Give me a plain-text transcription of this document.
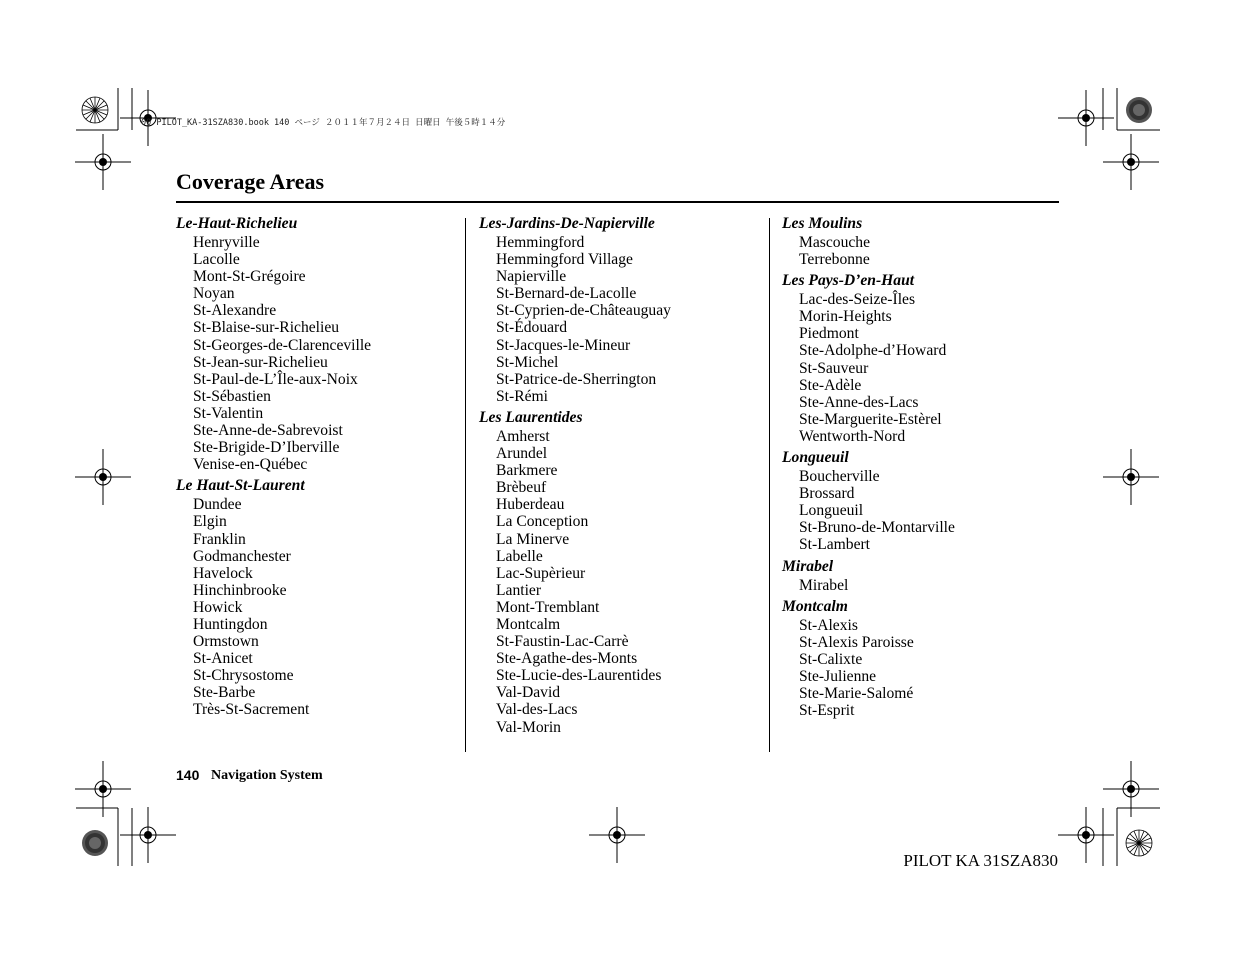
00 PILOT_KA-31SZA830.book 140 ページ ２０１１年７月２４日 日曜日 午後５時１４分
Coverage Areas
Le-Haut-Richelieu
Henryville
Lacolle
Mont-St-Grégoire
Noyan
St-Alexandre
St-Blaise-sur-Richelieu
St-Georges-de-Clarenceville
St-Jean-sur-Richelieu
St-Paul-de-L’Île-aux-Noix
St-Sébastien
St-Valentin
Ste-Anne-de-Sabrevoist
Ste-Brigide-D’Iberville
Venise-en-Québec
Le Haut-St-Laurent
Dundee
Elgin
Franklin
Godmanchester
Havelock
Hinchinbrooke
Howick
Huntingdon
Ormstown
St-Anicet
St-Chrysostome
Ste-Barbe
Très-St-Sacrement
Les-Jardins-De-Napierville
Hemmingford
Hemmingford Village
Napierville
St-Bernard-de-Lacolle
St-Cyprien-de-Châteauguay
St-Édouard
St-Jacques-le-Mineur
St-Michel
St-Patrice-de-Sherrington
St-Rémi
Les Laurentides
Amherst
Arundel
Barkmere
Brèbeuf
Huberdeau
La Conception
La Minerve
Labelle
Lac-Supèrieur
Lantier
Mont-Tremblant
Montcalm
St-Faustin-Lac-Carrè
Ste-Agathe-des-Monts
Ste-Lucie-des-Laurentides
Val-David
Val-des-Lacs
Val-Morin
Les Moulins
Mascouche
Terrebonne
Les Pays-D’en-Haut
Lac-des-Seize-Îles
Morin-Heights
Piedmont
Ste-Adolphe-d’Howard
St-Sauveur
Ste-Adèle
Ste-Anne-des-Lacs
Ste-Marguerite-Estèrel
Wentworth-Nord
Longueuil
Boucherville
Brossard
Longueuil
St-Bruno-de-Montarville
St-Lambert
Mirabel
Mirabel
Montcalm
St-Alexis
St-Alexis Paroisse
St-Calixte
Ste-Julienne
Ste-Marie-Salomé
St-Esprit
140 Navigation System
PILOT KA 31SZA830
